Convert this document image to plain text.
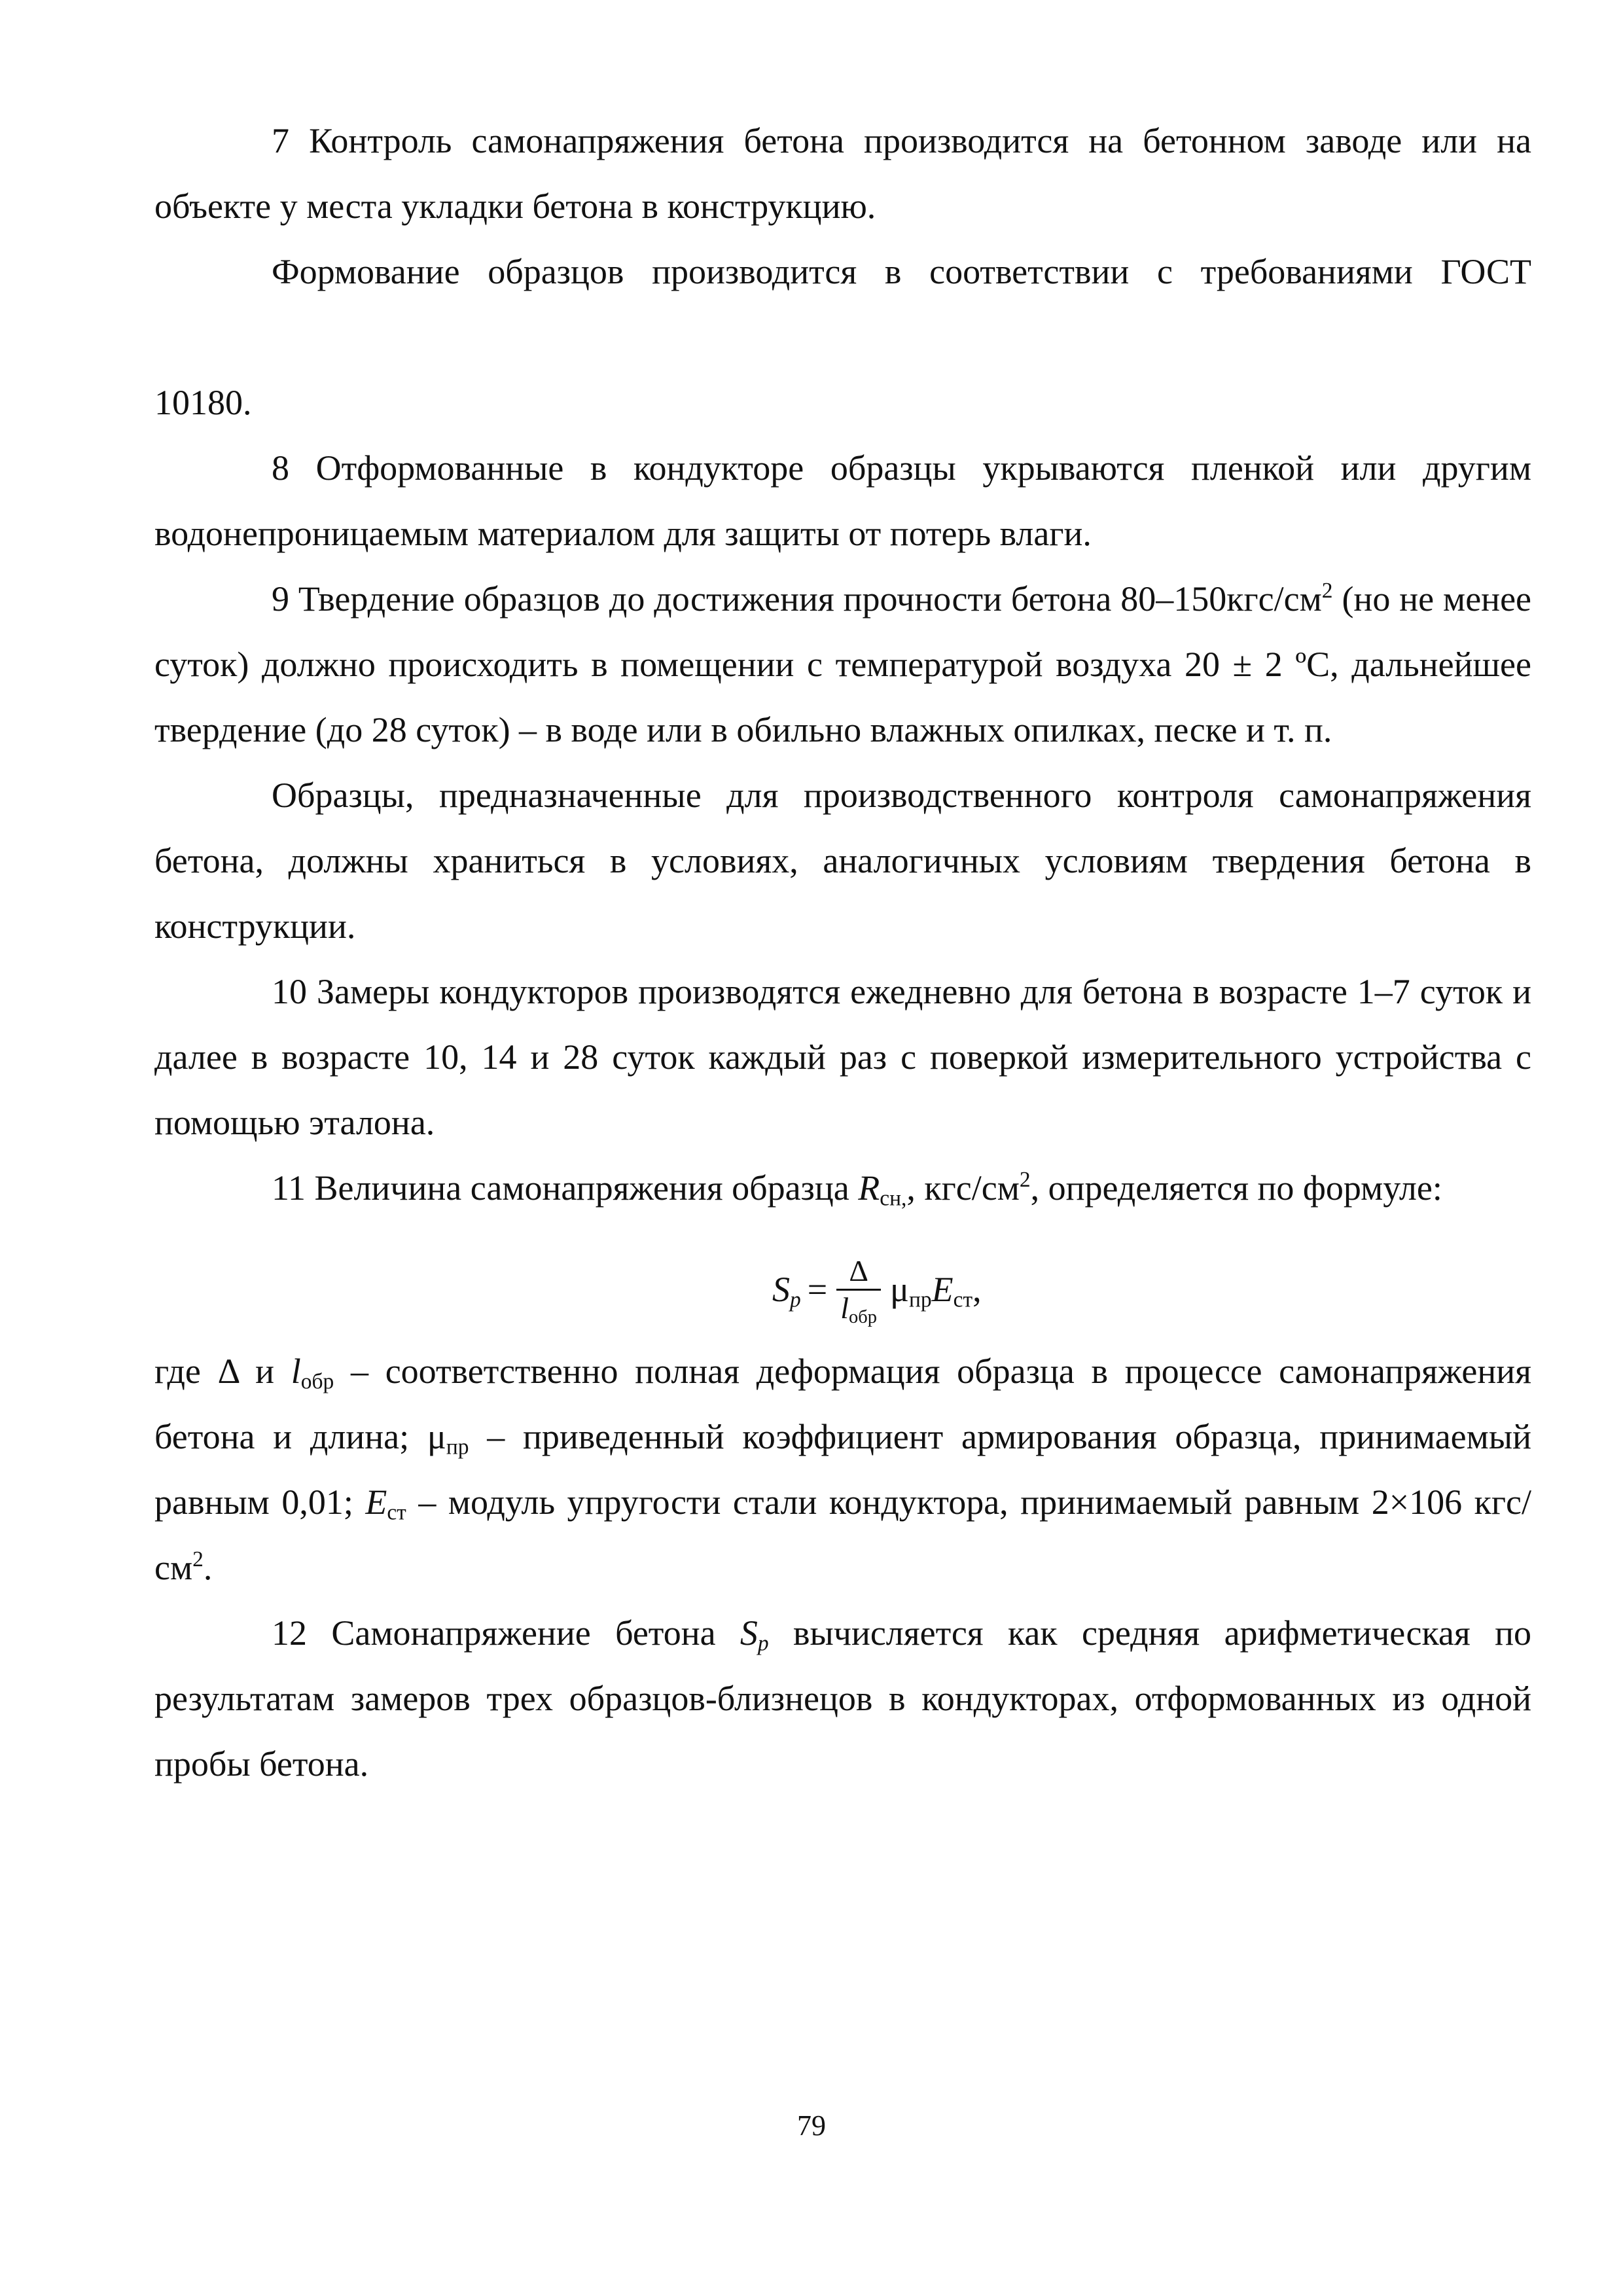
7 Контроль самонапряжения бетона производится на бетонном заводе или на объекте у места укладки бетона в конструкцию.

Формование образцов производится в соответствии с требованиями ГОСТ

10180.

8 Отформованные в кондукторе образцы укрываются пленкой или другим водонепроницаемым материалом для защиты от потерь влаги.

9 Твердение образцов до достижения прочности бетона $80-150кгс/см^2$ (но не менее суток) должно происходить в помещении с температурой воздуха 20 ± 2 ºС, дальнейшее твердение (до 28 суток) – в воде или в обильно влажных опилках, песке и т. п.

Образцы, предназначенные для производственного контроля самонапряжения бетона, должны храниться в условиях, аналогичных условиям твердения бетона в конструкции.

10 Замеры кондукторов производятся ежедневно для бетона в возрасте 1–7 суток и далее в возрасте 10, 14 и 28 суток каждый раз с поверкой измерительного устройства с помощью эталона.

11 Величина самонапряжения образца $R_{сн,}$, кгс/$см^2$, определяется по формуле:

$S_p = \frac{\Delta}{l_{обр}} \mu_{пр}E_{ст}$,

где Δ и $l_{обр}$ – соответственно полная деформация образца в процессе самонапряжения бетона и длина; $\mu_{пр}$ – приведенный коэффициент армирования образца, принимаемый равным 0,01; $E_{ст}$ – модуль упругости стали кондуктора, принимаемый равным 2×106 кгс/$см^2$.

12 Самонапряжение бетона $S_p$ вычисляется как средняя арифметическая по результатам замеров трех образцов-близнецов в кондукторах, отформованных из одной пробы бетона.

79
